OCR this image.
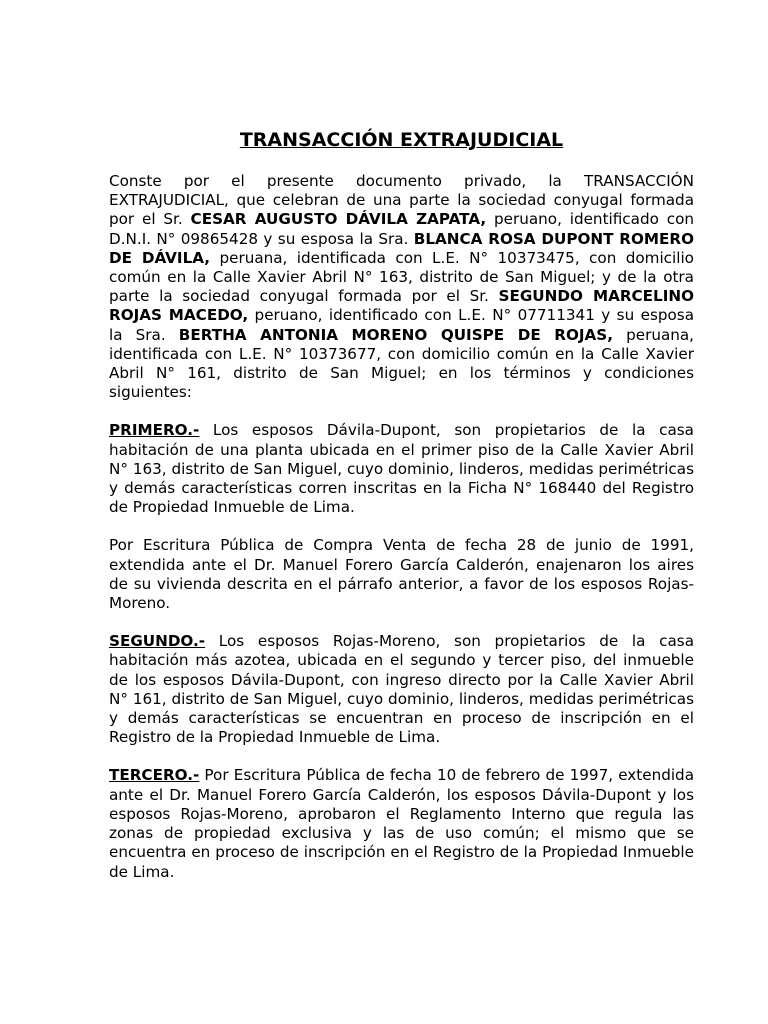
TRANSACCIÓN EXTRAJUDICIAL

Conste por el presente documento privado, la TRANSACCIÓN EXTRAJUDICIAL, que celebran de una parte la sociedad conyugal formada por el Sr. CESAR AUGUSTO DÁVILA ZAPATA, peruano, identificado con D.N.I. N° 09865428 y su esposa la Sra. BLANCA ROSA DUPONT ROMERO DE DÁVILA, peruana, identificada con L.E. N° 10373475, con domicilio común en la Calle Xavier Abril N° 163, distrito de San Miguel; y de la otra parte la sociedad conyugal formada por el Sr. SEGUNDO MARCELINO ROJAS MACEDO, peruano, identificado con L.E. N° 07711341 y su esposa la Sra. BERTHA ANTONIA MORENO QUISPE DE ROJAS, peruana, identificada con L.E. N° 10373677, con domicilio común en la Calle Xavier Abril N° 161, distrito de San Miguel; en los términos y condiciones siguientes:

PRIMERO.- Los esposos Dávila-Dupont, son propietarios de la casa habitación de una planta ubicada en el primer piso de la Calle Xavier Abril N° 163, distrito de San Miguel, cuyo dominio, linderos, medidas perimétricas y demás características corren inscritas en la Ficha N° 168440 del Registro de Propiedad Inmueble de Lima.

Por Escritura Pública de Compra Venta de fecha 28 de junio de 1991, extendida ante el Dr. Manuel Forero García Calderón, enajenaron los aires de su vivienda descrita en el párrafo anterior, a favor de los esposos Rojas-Moreno.

SEGUNDO.- Los esposos Rojas-Moreno, son propietarios de la casa habitación más azotea, ubicada en el segundo y tercer piso, del inmueble de los esposos Dávila-Dupont, con ingreso directo por la Calle Xavier Abril N° 161, distrito de San Miguel, cuyo dominio, linderos, medidas perimétricas y demás características se encuentran en proceso de inscripción en el Registro de la Propiedad Inmueble de Lima.

TERCERO.- Por Escritura Pública de fecha 10 de febrero de 1997, extendida ante el Dr. Manuel Forero García Calderón, los esposos Dávila-Dupont y los esposos Rojas-Moreno, aprobaron el Reglamento Interno que regula las zonas de propiedad exclusiva y las de uso común; el mismo que se encuentra en proceso de inscripción en el Registro de la Propiedad Inmueble de Lima.
